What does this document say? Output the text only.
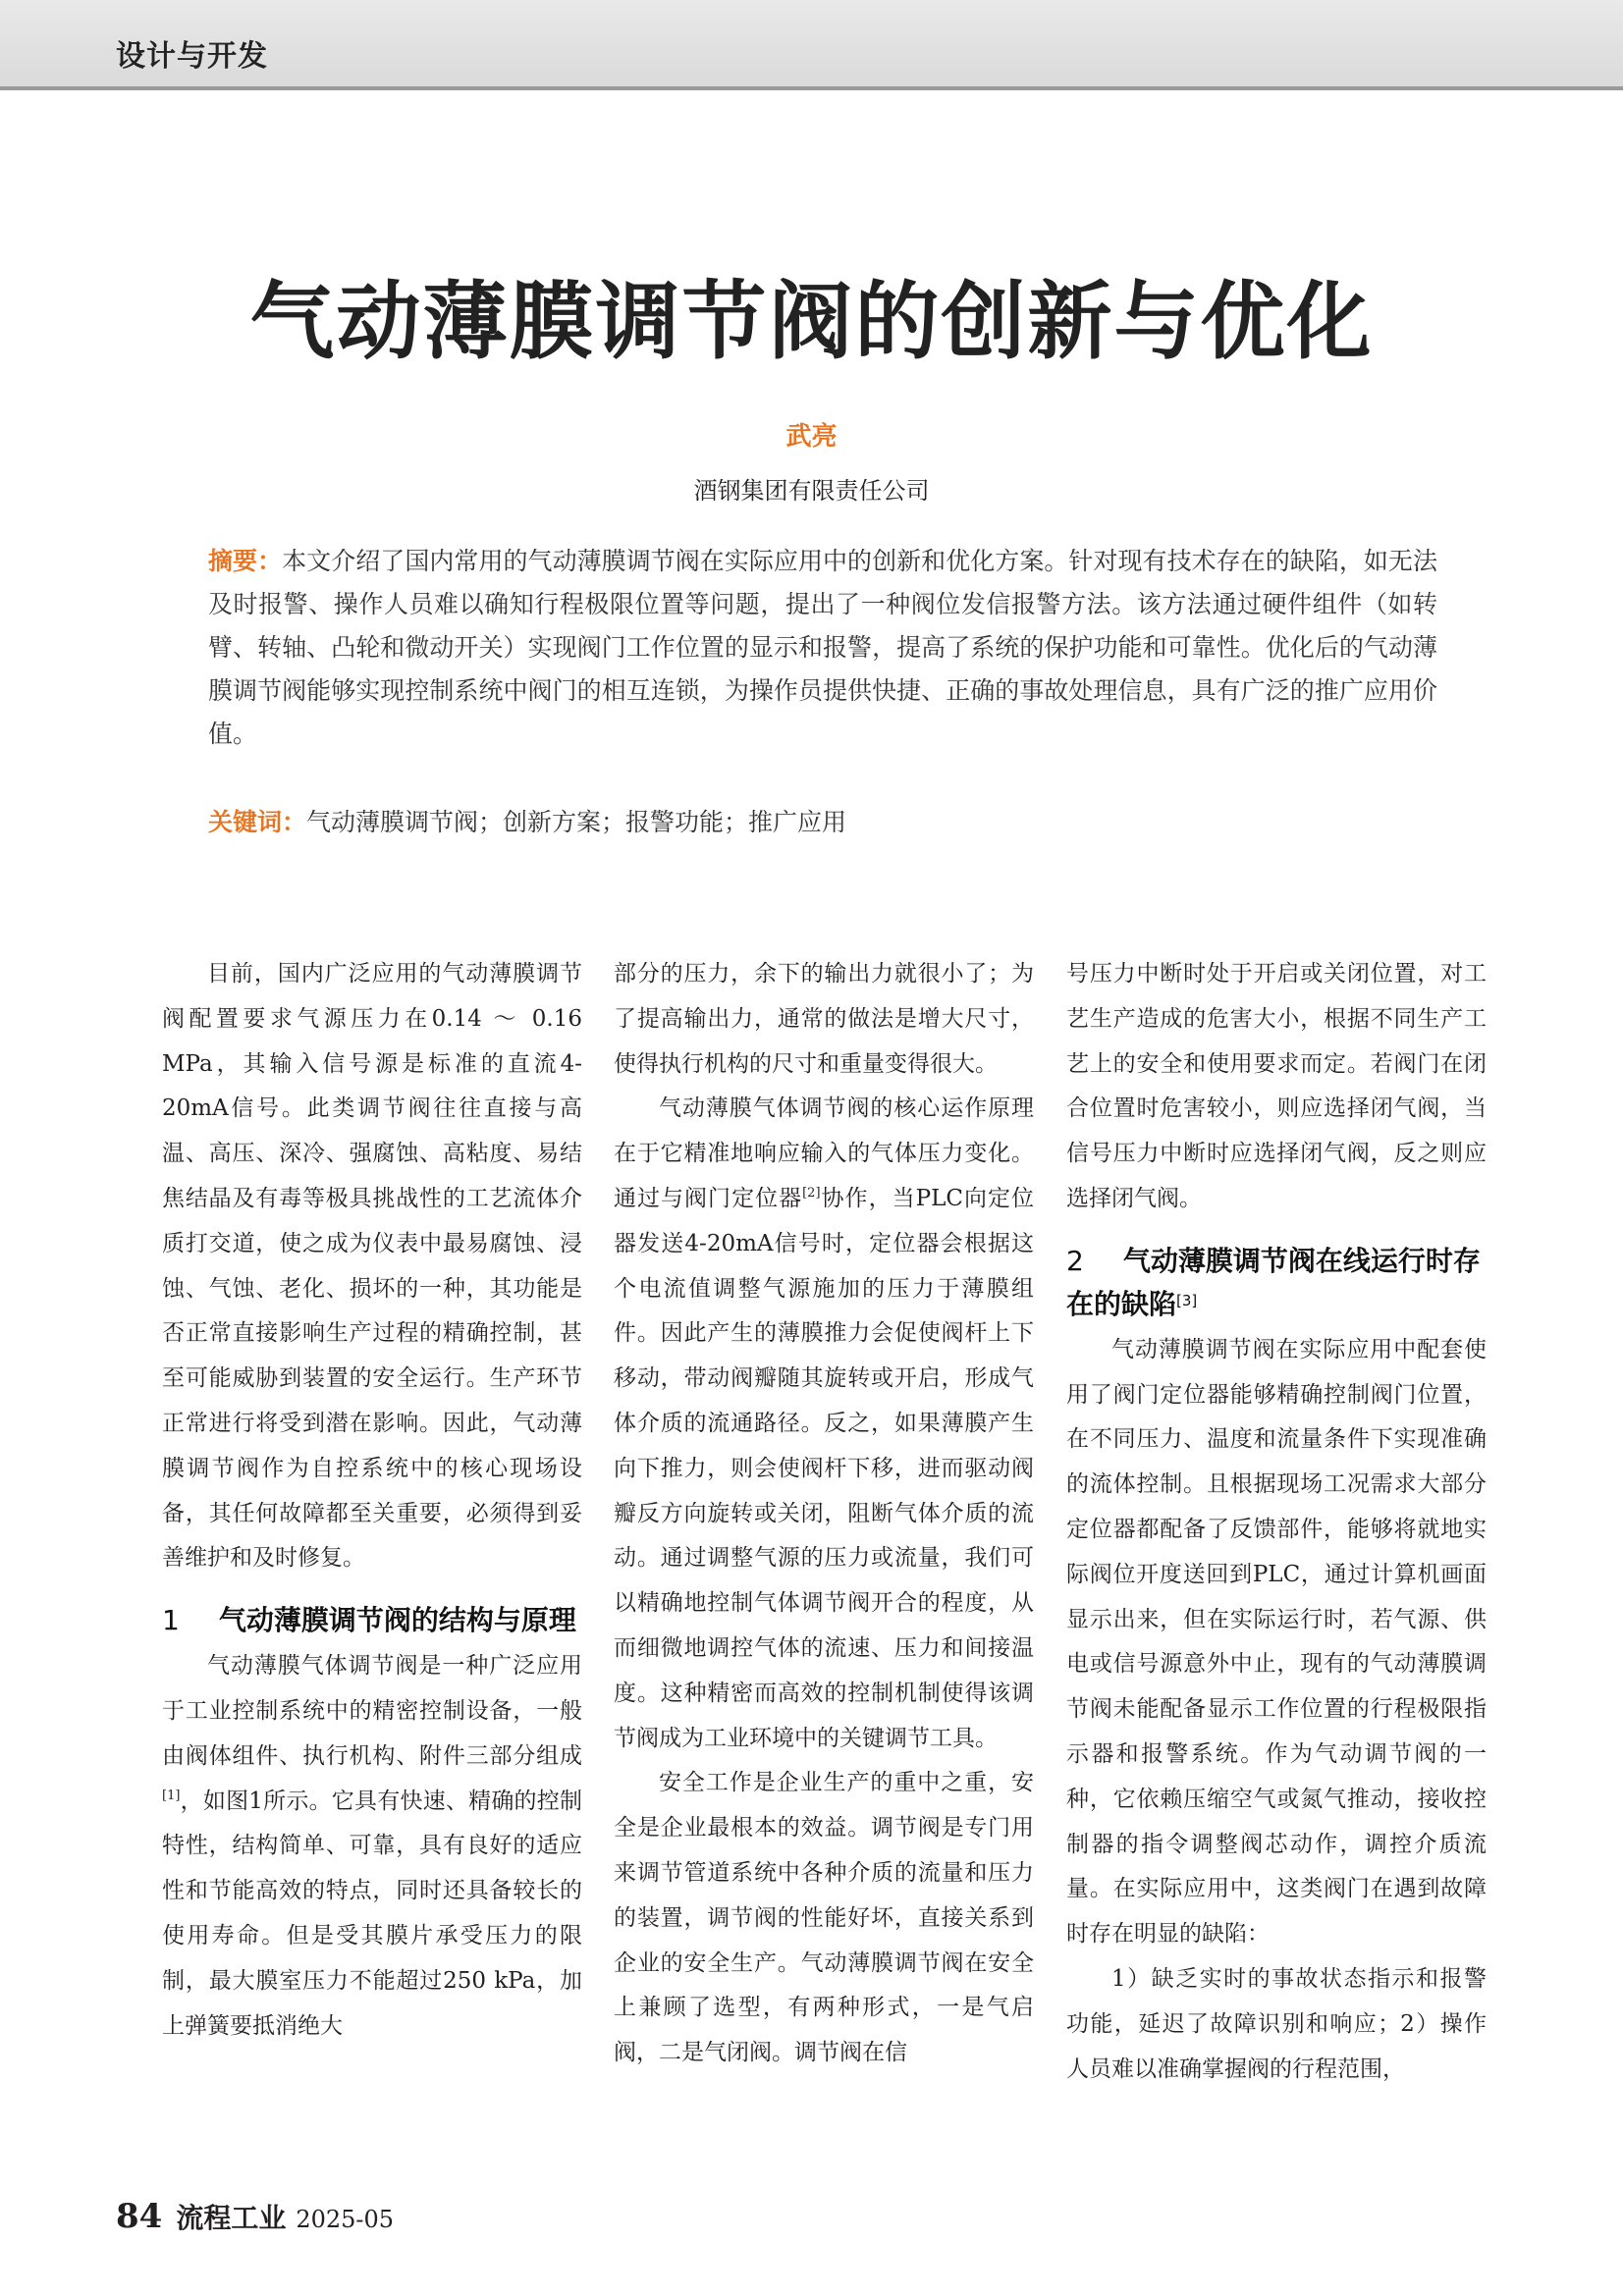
设计与开发
气动薄膜调节阀的创新与优化
武亮
酒钢集团有限责任公司
摘要：本文介绍了国内常用的气动薄膜调节阀在实际应用中的创新和优化方案。针对现有技术存在的缺陷，如无法及时报警、操作人员难以确知行程极限位置等问题，提出了一种阀位发信报警方法。该方法通过硬件组件（如转臂、转轴、凸轮和微动开关）实现阀门工作位置的显示和报警，提高了系统的保护功能和可靠性。优化后的气动薄膜调节阀能够实现控制系统中阀门的相互连锁，为操作员提供快捷、正确的事故处理信息，具有广泛的推广应用价值。
关键词：气动薄膜调节阀；创新方案；报警功能；推广应用

目前，国内广泛应用的气动薄膜调节阀配置要求气源压力在0.14 ～ 0.16 MPa，其输入信号源是标准的直流4-20mA信号。此类调节阀往往直接与高温、高压、深冷、强腐蚀、高粘度、易结焦结晶及有毒等极具挑战性的工艺流体介质打交道，使之成为仪表中最易腐蚀、浸蚀、气蚀、老化、损坏的一种，其功能是否正常直接影响生产过程的精确控制，甚至可能威胁到装置的安全运行。生产环节正常进行将受到潜在影响。因此，气动薄膜调节阀作为自控系统中的核心现场设备，其任何故障都至关重要，必须得到妥善维护和及时修复。

1 气动薄膜调节阀的结构与原理

气动薄膜气体调节阀是一种广泛应用于工业控制系统中的精密控制设备，一般由阀体组件、执行机构、附件三部分组成[1]，如图1所示。它具有快速、精确的控制特性，结构简单、可靠，具有良好的适应性和节能高效的特点，同时还具备较长的使用寿命。但是受其膜片承受压力的限制，最大膜室压力不能超过250 kPa，加上弹簧要抵消绝大

部分的压力，余下的输出力就很小了；为了提高输出力，通常的做法是增大尺寸，使得执行机构的尺寸和重量变得很大。

气动薄膜气体调节阀的核心运作原理在于它精准地响应输入的气体压力变化。通过与阀门定位器[2]协作，当PLC向定位器发送4-20mA信号时，定位器会根据这个电流值调整气源施加的压力于薄膜组件。因此产生的薄膜推力会促使阀杆上下移动，带动阀瓣随其旋转或开启，形成气体介质的流通路径。反之，如果薄膜产生向下推力，则会使阀杆下移，进而驱动阀瓣反方向旋转或关闭，阻断气体介质的流动。通过调整气源的压力或流量，我们可以精确地控制气体调节阀开合的程度，从而细微地调控气体的流速、压力和间接温度。这种精密而高效的控制机制使得该调节阀成为工业环境中的关键调节工具。

安全工作是企业生产的重中之重，安全是企业最根本的效益。调节阀是专门用来调节管道系统中各种介质的流量和压力的装置，调节阀的性能好坏，直接关系到企业的安全生产。气动薄膜调节阀在安全上兼顾了选型，有两种形式，一是气启阀，二是气闭阀。调节阀在信

号压力中断时处于开启或关闭位置，对工艺生产造成的危害大小，根据不同生产工艺上的安全和使用要求而定。若阀门在闭合位置时危害较小，则应选择闭气阀，当信号压力中断时应选择闭气阀，反之则应选择闭气阀。

2 气动薄膜调节阀在线运行时存在的缺陷[3]

气动薄膜调节阀在实际应用中配套使用了阀门定位器能够精确控制阀门位置，在不同压力、温度和流量条件下实现准确的流体控制。且根据现场工况需求大部分定位器都配备了反馈部件，能够将就地实际阀位开度送回到PLC，通过计算机画面显示出来，但在实际运行时，若气源、供电或信号源意外中止，现有的气动薄膜调节阀未能配备显示工作位置的行程极限指示器和报警系统。作为气动调节阀的一种，它依赖压缩空气或氮气推动，接收控制器的指令调整阀芯动作，调控介质流量。在实际应用中，这类阀门在遇到故障时存在明显的缺陷：

1）缺乏实时的事故状态指示和报警功能，延迟了故障识别和响应；2）操作人员难以准确掌握阀的行程范围，

84 流程工业 2025-05
